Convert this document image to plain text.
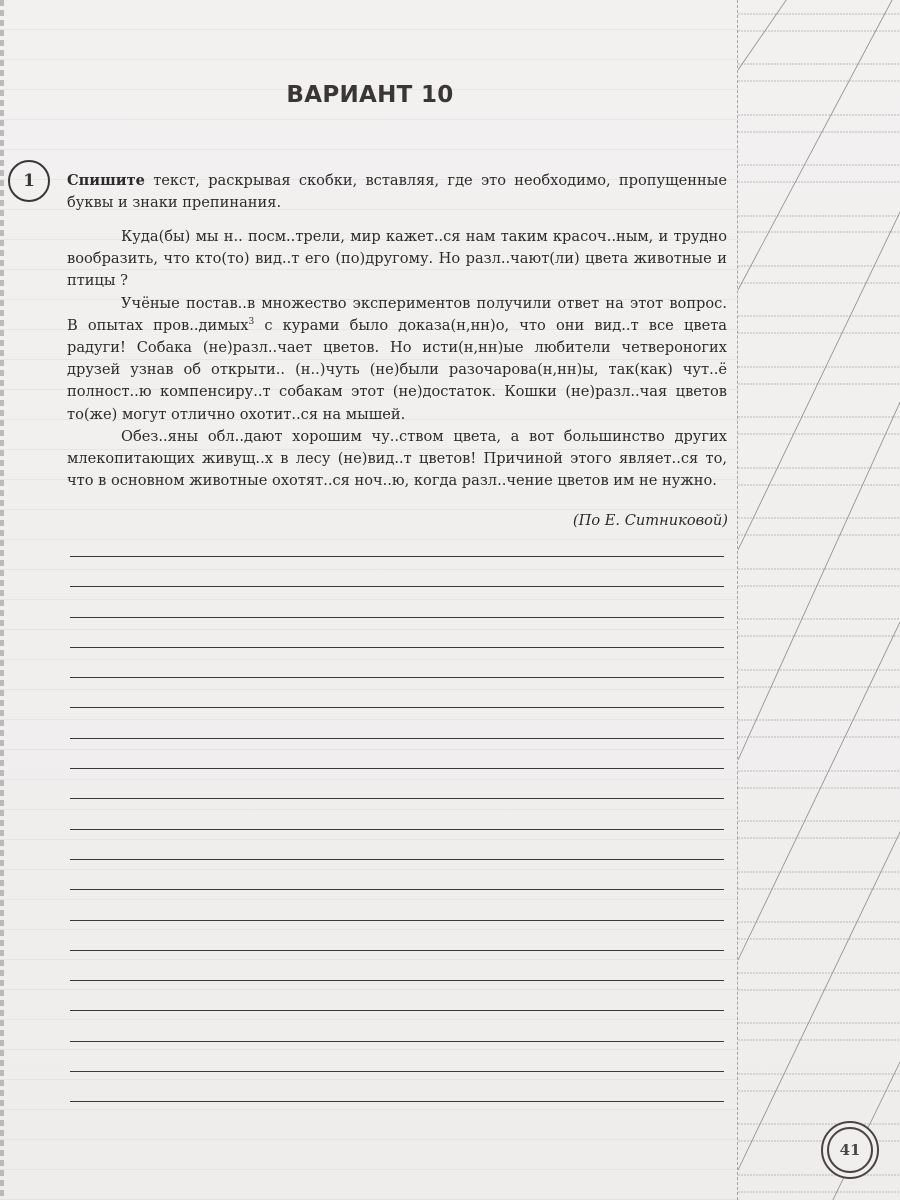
ВАРИАНТ 10
1 Спишите текст, раскрывая скобки, вставляя, где это необходимо, пропущенные буквы и знаки препинания.

Куда(бы) мы н.. посм..трели, мир кажет..ся нам таким красоч..ным, и трудно вообразить, что кто(то) вид..т его (по)другому. Но разл..чают(ли) цвета животные и птицы ?

Учёные постав..в множество экспериментов получили ответ на этот вопрос. В опытах пров..димых$^3$ с курами было доказа(н,нн)о, что они вид..т все цвета радуги! Собака (не)разл..чает цветов. Но исти(н,нн)ые любители четвероногих друзей узнав об открыти.. (н..)чуть (не)были разочарова(н,нн)ы, так(как) чут..ё полност..ю компенсиру..т собакам этот (не)достаток. Кошки (не)разл..чая цветов то(же) могут отлично охотит..ся на мышей.

Обез..яны обл..дают хорошим чу..ством цвета, а вот большинство других млекопитающих живущ..х в лесу (не)вид..т цветов! Причиной этого являет..ся то, что в основном животные охотят..ся ноч..ю, когда разл..чение цветов им не нужно.

(По Е. Ситниковой)
41
